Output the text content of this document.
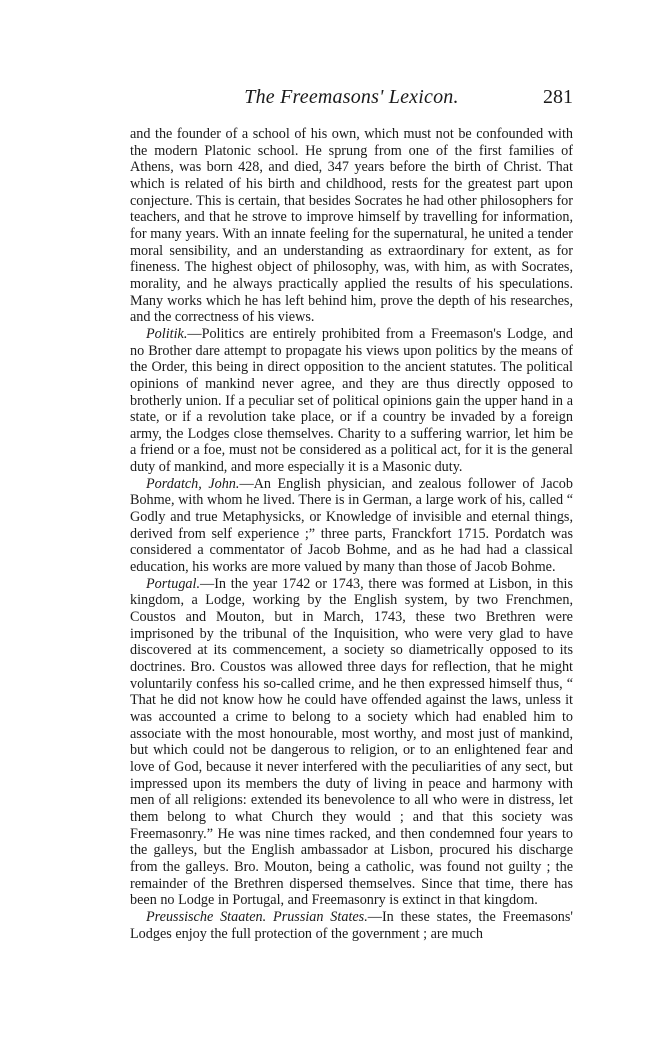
The Freemasons' Lexicon.	281

and the founder of a school of his own, which must not be confounded with the modern Platonic school. He sprung from one of the first families of Athens, was born 428, and died, 347 years before the birth of Christ. That which is related of his birth and childhood, rests for the greatest part upon conjecture. This is certain, that besides Socrates he had other philosophers for teachers, and that he strove to improve himself by travelling for information, for many years. With an innate feeling for the supernatural, he united a tender moral sensibility, and an understanding as extraordinary for extent, as for fineness. The highest object of philosophy, was, with him, as with Socrates, morality, and he always practically applied the results of his speculations. Many works which he has left behind him, prove the depth of his researches, and the correctness of his views.

Politik.—Politics are entirely prohibited from a Freemason's Lodge, and no Brother dare attempt to propagate his views upon politics by the means of the Order, this being in direct opposition to the ancient statutes. The political opinions of mankind never agree, and they are thus directly opposed to brotherly union. If a peculiar set of political opinions gain the upper hand in a state, or if a revolution take place, or if a country be invaded by a foreign army, the Lodges close themselves. Charity to a suffering warrior, let him be a friend or a foe, must not be considered as a political act, for it is the general duty of mankind, and more especially it is a Masonic duty.

Pordatch, John.—An English physician, and zealous follower of Jacob Bohme, with whom he lived. There is in German, a large work of his, called “ Godly and true Metaphysicks, or Knowledge of invisible and eternal things, derived from self experience ;” three parts, Franckfort 1715. Pordatch was considered a commentator of Jacob Bohme, and as he had had a classical education, his works are more valued by many than those of Jacob Bohme.

Portugal.—In the year 1742 or 1743, there was formed at Lisbon, in this kingdom, a Lodge, working by the English system, by two Frenchmen, Coustos and Mouton, but in March, 1743, these two Brethren were imprisoned by the tribunal of the Inquisition, who were very glad to have discovered at its commencement, a society so diametrically opposed to its doctrines. Bro. Coustos was allowed three days for reflection, that he might voluntarily confess his so-called crime, and he then expressed himself thus, “ That he did not know how he could have offended against the laws, unless it was accounted a crime to belong to a society which had enabled him to associate with the most honourable, most worthy, and most just of mankind, but which could not be dangerous to religion, or to an enlightened fear and love of God, because it never interfered with the peculiarities of any sect, but impressed upon its members the duty of living in peace and harmony with men of all religions: extended its benevolence to all who were in distress, let them belong to what Church they would ; and that this society was Freemasonry.” He was nine times racked, and then condemned four years to the galleys, but the English ambassador at Lisbon, procured his discharge from the galleys. Bro. Mouton, being a catholic, was found not guilty ; the remainder of the Brethren dispersed themselves. Since that time, there has been no Lodge in Portugal, and Freemasonry is extinct in that kingdom.

Preussische Staaten. Prussian States.—In these states, the Freemasons' Lodges enjoy the full protection of the government ; are much
